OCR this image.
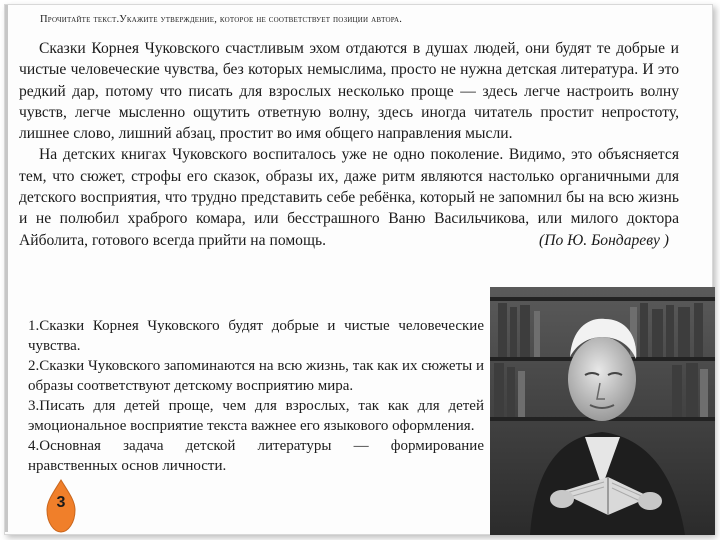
Прочитайте текст.Укажите утверждение, которое не соответствует позиции автора.

Сказки Корнея Чуковского счастливым эхом отдаются в душах людей, они будят те добрые и чистые человеческие чувства, без которых немыслима, просто не нужна детская литература. И это редкий дар, потому что писать для взрослых несколько проще — здесь легче настроить волну чувств, легче мысленно ощутить ответную волну, здесь иногда читатель простит непростоту, лишнее слово, лишний абзац, простит во имя общего направления мысли.

На детских книгах Чуковского воспиталось уже не одно поколение. Видимо, это объясняется тем, что сюжет, строфы его сказок, образы их, даже ритм являются настолько органичными для детского восприятия, что трудно представить себе ребёнка, который не запомнил бы на всю жизнь и не полюбил храброго комара, или бесстрашного Ваню Васильчикова, или милого доктора Айболита, готового всегда прийти на помощь.	(По Ю. Бондареву )

1.Сказки Корнея Чуковского будят добрые и чистые человеческие чувства.
2.Сказки Чуковского запоминаются на всю жизнь, так как их сюжеты и образы соответствуют детскому восприятию мира.
3.Писать для детей проще, чем для взрослых, так как для детей эмоциональное восприятие текста важнее его языкового оформления.
4.Основная задача детской литературы — формирование нравственных основ личности.
3
